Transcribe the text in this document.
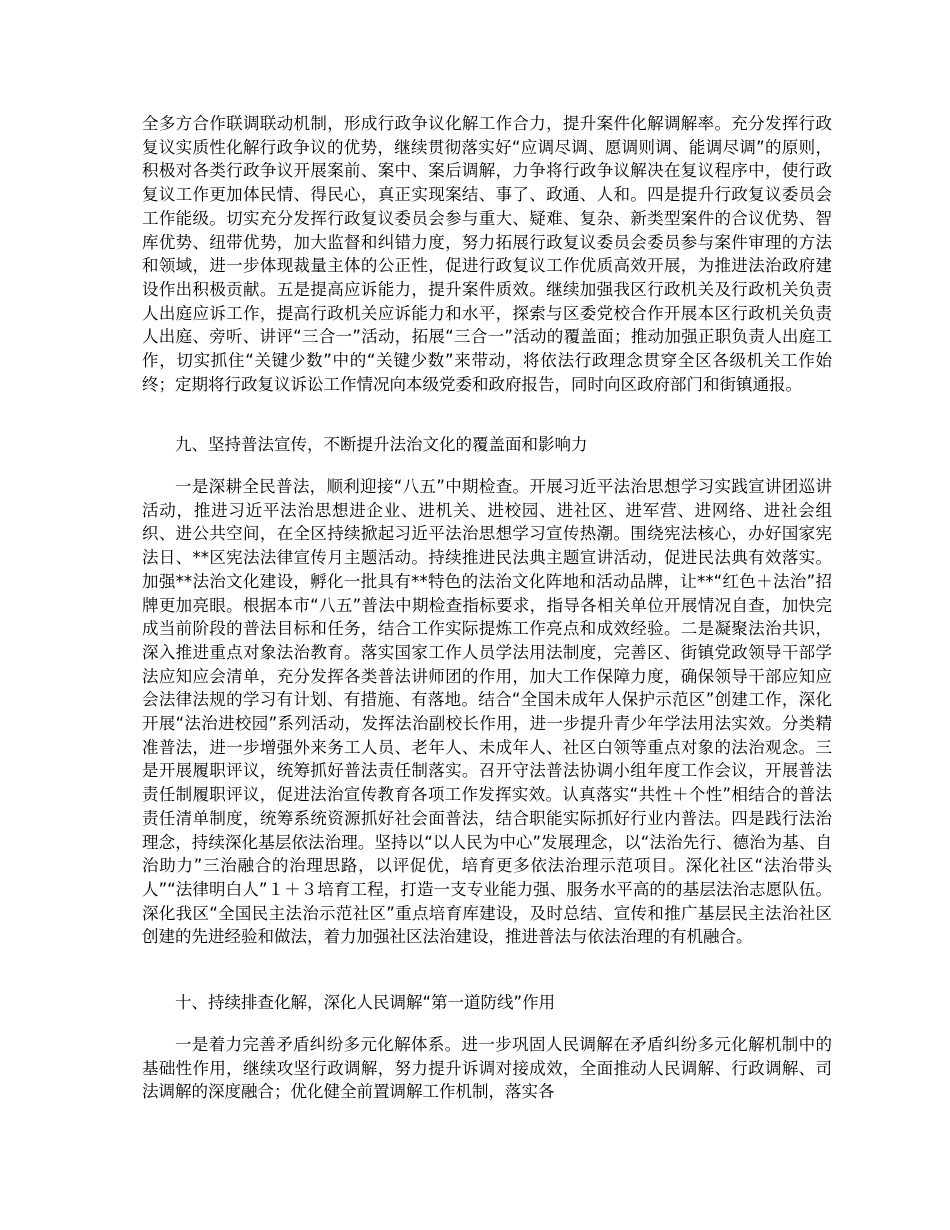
全多方合作联调联动机制，形成行政争议化解工作合力，提升案件化解调解率。充分发挥行政复议实质性化解行政争议的优势，继续贯彻落实好“应调尽调、愿调则调、能调尽调”的原则，积极对各类行政争议开展案前、案中、案后调解，力争将行政争议解决在复议程序中，使行政复议工作更加体民情、得民心，真正实现案结、事了、政通、人和。四是提升行政复议委员会工作能级。切实充分发挥行政复议委员会参与重大、疑难、复杂、新类型案件的合议优势、智库优势、纽带优势，加大监督和纠错力度，努力拓展行政复议委员会委员参与案件审理的方法和领域，进一步体现裁量主体的公正性，促进行政复议工作优质高效开展，为推进法治政府建设作出积极贡献。五是提高应诉能力，提升案件质效。继续加强我区行政机关及行政机关负责人出庭应诉工作，提高行政机关应诉能力和水平，探索与区委党校合作开展本区行政机关负责人出庭、旁听、讲评“三合一”活动，拓展“三合一”活动的覆盖面；推动加强正职负责人出庭工作，切实抓住“关键少数”中的“关键少数”来带动，将依法行政理念贯穿全区各级机关工作始终；定期将行政复议诉讼工作情况向本级党委和政府报告，同时向区政府部门和街镇通报。

九、坚持普法宣传，不断提升法治文化的覆盖面和影响力

一是深耕全民普法，顺利迎接“八五”中期检查。开展习近平法治思想学习实践宣讲团巡讲活动，推进习近平法治思想进企业、进机关、进校园、进社区、进军营、进网络、进社会组织、进公共空间，在全区持续掀起习近平法治思想学习宣传热潮。围绕宪法核心，办好国家宪法日、**区宪法法律宣传月主题活动。持续推进民法典主题宣讲活动，促进民法典有效落实。加强**法治文化建设，孵化一批具有**特色的法治文化阵地和活动品牌，让**“红色＋法治”招牌更加亮眼。根据本市“八五”普法中期检查指标要求，指导各相关单位开展情况自查，加快完成当前阶段的普法目标和任务，结合工作实际提炼工作亮点和成效经验。二是凝聚法治共识，深入推进重点对象法治教育。落实国家工作人员学法用法制度，完善区、街镇党政领导干部学法应知应会清单，充分发挥各类普法讲师团的作用，加大工作保障力度，确保领导干部应知应会法律法规的学习有计划、有措施、有落地。结合“全国未成年人保护示范区”创建工作，深化开展“法治进校园”系列活动，发挥法治副校长作用，进一步提升青少年学法用法实效。分类精准普法，进一步增强外来务工人员、老年人、未成年人、社区白领等重点对象的法治观念。三是开展履职评议，统筹抓好普法责任制落实。召开守法普法协调小组年度工作会议，开展普法责任制履职评议，促进法治宣传教育各项工作发挥实效。认真落实“共性＋个性”相结合的普法责任清单制度，统筹系统资源抓好社会面普法，结合职能实际抓好行业内普法。四是践行法治理念，持续深化基层依法治理。坚持以“以人民为中心”发展理念，以“法治先行、德治为基、自治助力”三治融合的治理思路，以评促优，培育更多依法治理示范项目。深化社区“法治带头人”“法律明白人”１＋３培育工程，打造一支专业能力强、服务水平高的的基层法治志愿队伍。深化我区“全国民主法治示范社区”重点培育库建设，及时总结、宣传和推广基层民主法治社区创建的先进经验和做法，着力加强社区法治建设，推进普法与依法治理的有机融合。

十、持续排查化解，深化人民调解“第一道防线”作用

一是着力完善矛盾纠纷多元化解体系。进一步巩固人民调解在矛盾纠纷多元化解机制中的基础性作用，继续攻坚行政调解，努力提升诉调对接成效，全面推动人民调解、行政调解、司法调解的深度融合；优化健全前置调解工作机制，落实各
